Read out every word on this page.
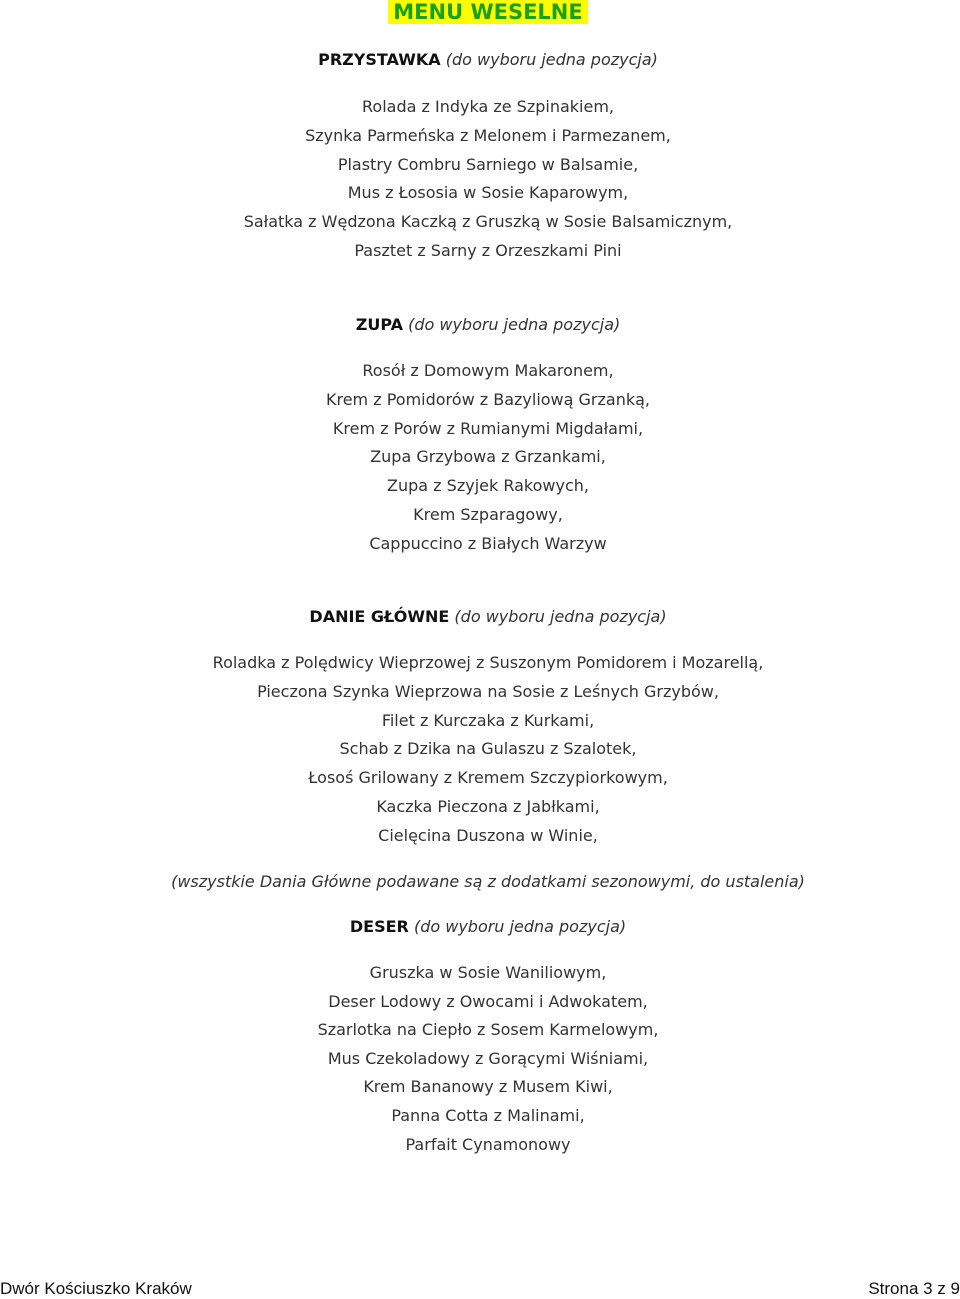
MENU WESELNE
PRZYSTAWKA (do wyboru jedna pozycja)
Rolada z Indyka ze Szpinakiem,
Szynka Parmeńska z Melonem i Parmezanem,
Plastry Combru Sarniego w Balsamie,
Mus z Łososia w Sosie Kaparowym,
Sałatka z Wędzona Kaczką z Gruszką w Sosie Balsamicznym,
Pasztet z Sarny z Orzeszkami Pini
ZUPA (do wyboru jedna pozycja)
Rosół z Domowym Makaronem,
Krem z Pomidorów z Bazyliową Grzanką,
Krem z Porów z Rumianymi Migdałami,
Zupa Grzybowa z Grzankami,
Zupa z Szyjek Rakowych,
Krem Szparagowy,
Cappuccino z Białych Warzyw
DANIE GŁÓWNE (do wyboru jedna pozycja)
Roladka z Polędwicy Wieprzowej z Suszonym Pomidorem i Mozarellą,
Pieczona Szynka Wieprzowa na Sosie z Leśnych Grzybów,
Filet z Kurczaka z Kurkami,
Schab z Dzika na Gulaszu z Szalotek,
Łosoś Grilowany z Kremem Szczypiorkowym,
Kaczka Pieczona z Jabłkami,
Cielęcina Duszona w Winie,
(wszystkie Dania Główne podawane są z dodatkami sezonowymi, do ustalenia)
DESER (do wyboru jedna pozycja)
Gruszka w Sosie Waniliowym,
Deser Lodowy z Owocami i Adwokatem,
Szarlotka na Ciepło z Sosem Karmelowym,
Mus Czekoladowy z Gorącymi Wiśniami,
Krem Bananowy z Musem Kiwi,
Panna Cotta z Malinami,
Parfait Cynamonowy
Dwór Kościuszko Kraków	Strona 3 z 9
